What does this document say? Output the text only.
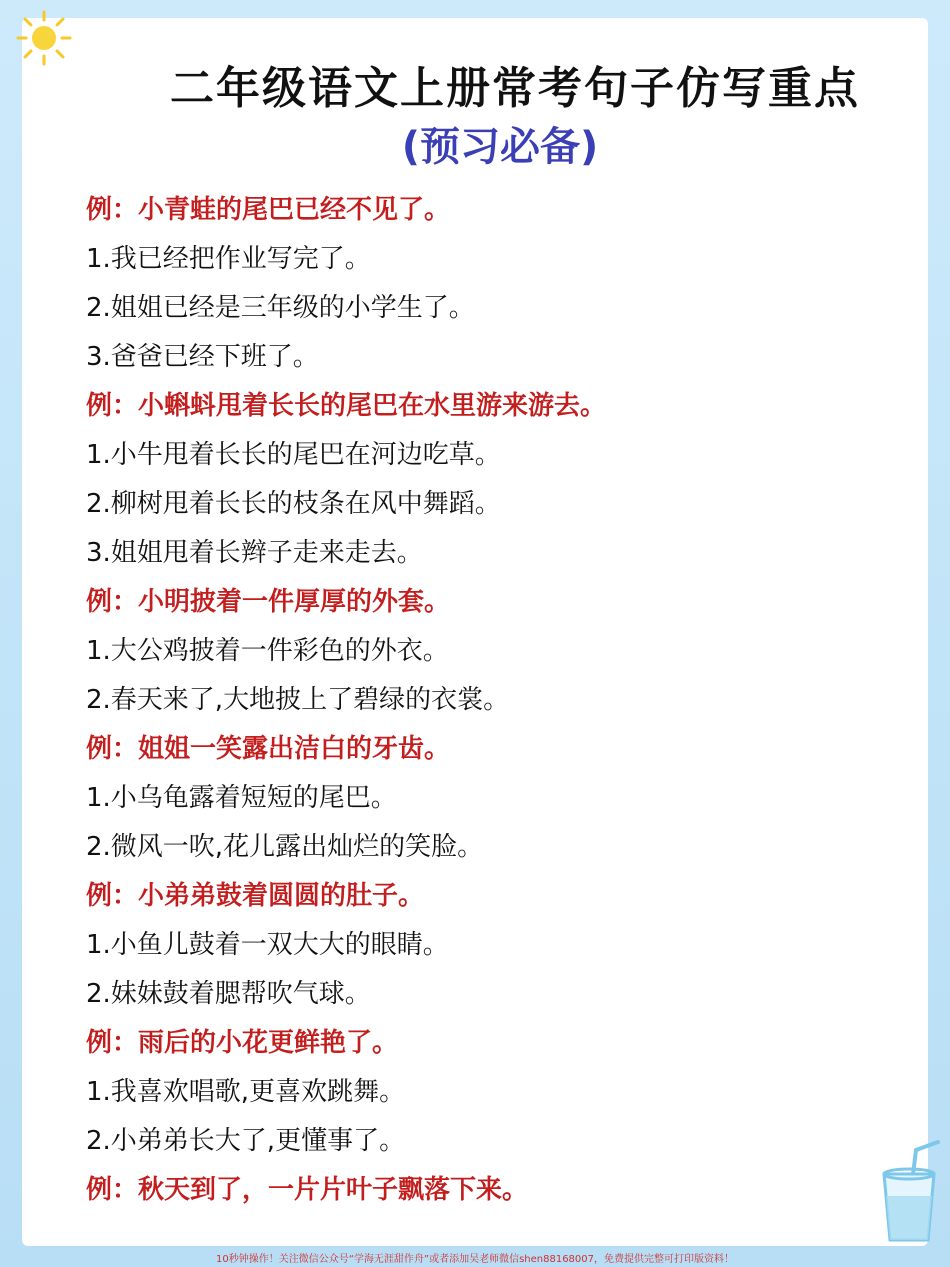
二年级语文上册常考句子仿写重点
(预习必备)
例：小青蛙的尾巴已经不见了。
1.我已经把作业写完了。
2.姐姐已经是三年级的小学生了。
3.爸爸已经下班了。
例：小蝌蚪甩着长长的尾巴在水里游来游去。
1.小牛甩着长长的尾巴在河边吃草。
2.柳树甩着长长的枝条在风中舞蹈。
3.姐姐甩着长辫子走来走去。
例：小明披着一件厚厚的外套。
1.大公鸡披着一件彩色的外衣。
2.春天来了,大地披上了碧绿的衣裳。
例：姐姐一笑露出洁白的牙齿。
1.小乌龟露着短短的尾巴。
2.微风一吹,花儿露出灿烂的笑脸。
例：小弟弟鼓着圆圆的肚子。
1.小鱼儿鼓着一双大大的眼睛。
2.妹妹鼓着腮帮吹气球。
例：雨后的小花更鲜艳了。
1.我喜欢唱歌,更喜欢跳舞。
2.小弟弟长大了,更懂事了。
例：秋天到了，一片片叶子飘落下来。
10秒钟操作！关注微信公众号“学海无涯甜作舟”或者添加吴老师微信shen88168007，免费提供完整可打印版资料！
